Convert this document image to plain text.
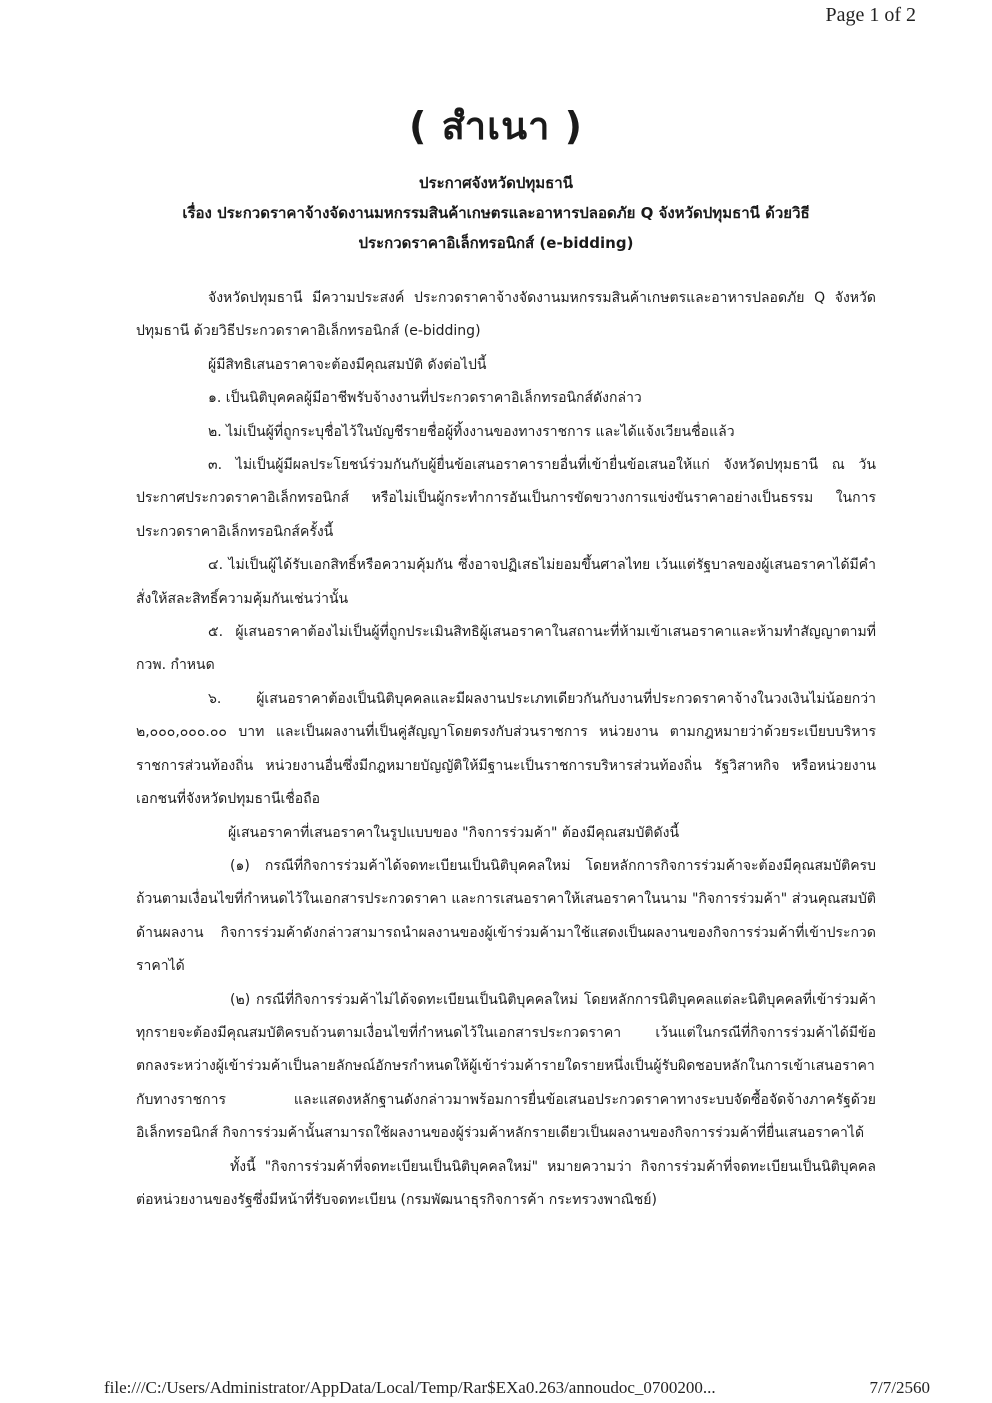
Page 1 of 2
( สำเนา )
ประกาศจังหวัดปทุมธานี
เรื่อง ประกวดราคาจ้างจัดงานมหกรรมสินค้าเกษตรและอาหารปลอดภัย Q จังหวัดปทุมธานี ด้วยวิธี
ประกวดราคาอิเล็กทรอนิกส์ (e-bidding)

จังหวัดปทุมธานี มีความประสงค์ ประกวดราคาจ้างจัดงานมหกรรมสินค้าเกษตรและอาหารปลอดภัย Q จังหวัดปทุมธานี ด้วยวิธีประกวดราคาอิเล็กทรอนิกส์ (e-bidding)

ผู้มีสิทธิเสนอราคาจะต้องมีคุณสมบัติ ดังต่อไปนี้

๑. เป็นนิติบุคคลผู้มีอาชีพรับจ้างงานที่ประกวดราคาอิเล็กทรอนิกส์ดังกล่าว

๒. ไม่เป็นผู้ที่ถูกระบุชื่อไว้ในบัญชีรายชื่อผู้ทิ้งงานของทางราชการ และได้แจ้งเวียนชื่อแล้ว

๓. ไม่เป็นผู้มีผลประโยชน์ร่วมกันกับผู้ยื่นข้อเสนอราคารายอื่นที่เข้ายื่นข้อเสนอให้แก่ จังหวัดปทุมธานี ณ วันประกาศประกวดราคาอิเล็กทรอนิกส์ หรือไม่เป็นผู้กระทำการอันเป็นการขัดขวางการแข่งขันราคาอย่างเป็นธรรม ในการประกวดราคาอิเล็กทรอนิกส์ครั้งนี้

๔. ไม่เป็นผู้ได้รับเอกสิทธิ์หรือความคุ้มกัน ซึ่งอาจปฏิเสธไม่ยอมขึ้นศาลไทย เว้นแต่รัฐบาลของผู้เสนอราคาได้มีคำสั่งให้สละสิทธิ์ความคุ้มกันเช่นว่านั้น

๕. ผู้เสนอราคาต้องไม่เป็นผู้ที่ถูกประเมินสิทธิผู้เสนอราคาในสถานะที่ห้ามเข้าเสนอราคาและห้ามทำสัญญาตามที่ กวพ. กำหนด

๖. ผู้เสนอราคาต้องเป็นนิติบุคคลและมีผลงานประเภทเดียวกันกับงานที่ประกวดราคาจ้างในวงเงินไม่น้อยกว่า ๒,๐๐๐,๐๐๐.๐๐ บาท และเป็นผลงานที่เป็นคู่สัญญาโดยตรงกับส่วนราชการ หน่วยงาน ตามกฎหมายว่าด้วยระเบียบบริหารราชการส่วนท้องถิ่น หน่วยงานอื่นซึ่งมีกฎหมายบัญญัติให้มีฐานะเป็นราชการบริหารส่วนท้องถิ่น รัฐวิสาหกิจ หรือหน่วยงานเอกชนที่จังหวัดปทุมธานีเชื่อถือ

ผู้เสนอราคาที่เสนอราคาในรูปแบบของ "กิจการร่วมค้า" ต้องมีคุณสมบัติดังนี้

(๑) กรณีที่กิจการร่วมค้าได้จดทะเบียนเป็นนิติบุคคลใหม่ โดยหลักการกิจการร่วมค้าจะต้องมีคุณสมบัติครบถ้วนตามเงื่อนไขที่กำหนดไว้ในเอกสารประกวดราคา และการเสนอราคาให้เสนอราคาในนาม "กิจการร่วมค้า" ส่วนคุณสมบัติด้านผลงาน กิจการร่วมค้าดังกล่าวสามารถนำผลงานของผู้เข้าร่วมค้ามาใช้แสดงเป็นผลงานของกิจการร่วมค้าที่เข้าประกวดราคาได้

(๒) กรณีที่กิจการร่วมค้าไม่ได้จดทะเบียนเป็นนิติบุคคลใหม่ โดยหลักการนิติบุคคลแต่ละนิติบุคคลที่เข้าร่วมค้าทุกรายจะต้องมีคุณสมบัติครบถ้วนตามเงื่อนไขที่กำหนดไว้ในเอกสารประกวดราคา เว้นแต่ในกรณีที่กิจการร่วมค้าได้มีข้อตกลงระหว่างผู้เข้าร่วมค้าเป็นลายลักษณ์อักษรกำหนดให้ผู้เข้าร่วมค้ารายใดรายหนึ่งเป็นผู้รับผิดชอบหลักในการเข้าเสนอราคากับทางราชการ และแสดงหลักฐานดังกล่าวมาพร้อมการยื่นข้อเสนอประกวดราคาทางระบบจัดซื้อจัดจ้างภาครัฐด้วยอิเล็กทรอนิกส์ กิจการร่วมค้านั้นสามารถใช้ผลงานของผู้ร่วมค้าหลักรายเดียวเป็นผลงานของกิจการร่วมค้าที่ยื่นเสนอราคาได้

ทั้งนี้ "กิจการร่วมค้าที่จดทะเบียนเป็นนิติบุคคลใหม่" หมายความว่า กิจการร่วมค้าที่จดทะเบียนเป็นนิติบุคคลต่อหน่วยงานของรัฐซึ่งมีหน้าที่รับจดทะเบียน (กรมพัฒนาธุรกิจการค้า กระทรวงพาณิชย์)

file:///C:/Users/Administrator/AppData/Local/Temp/Rar$EXa0.263/annoudoc_0700200...	7/7/2560
